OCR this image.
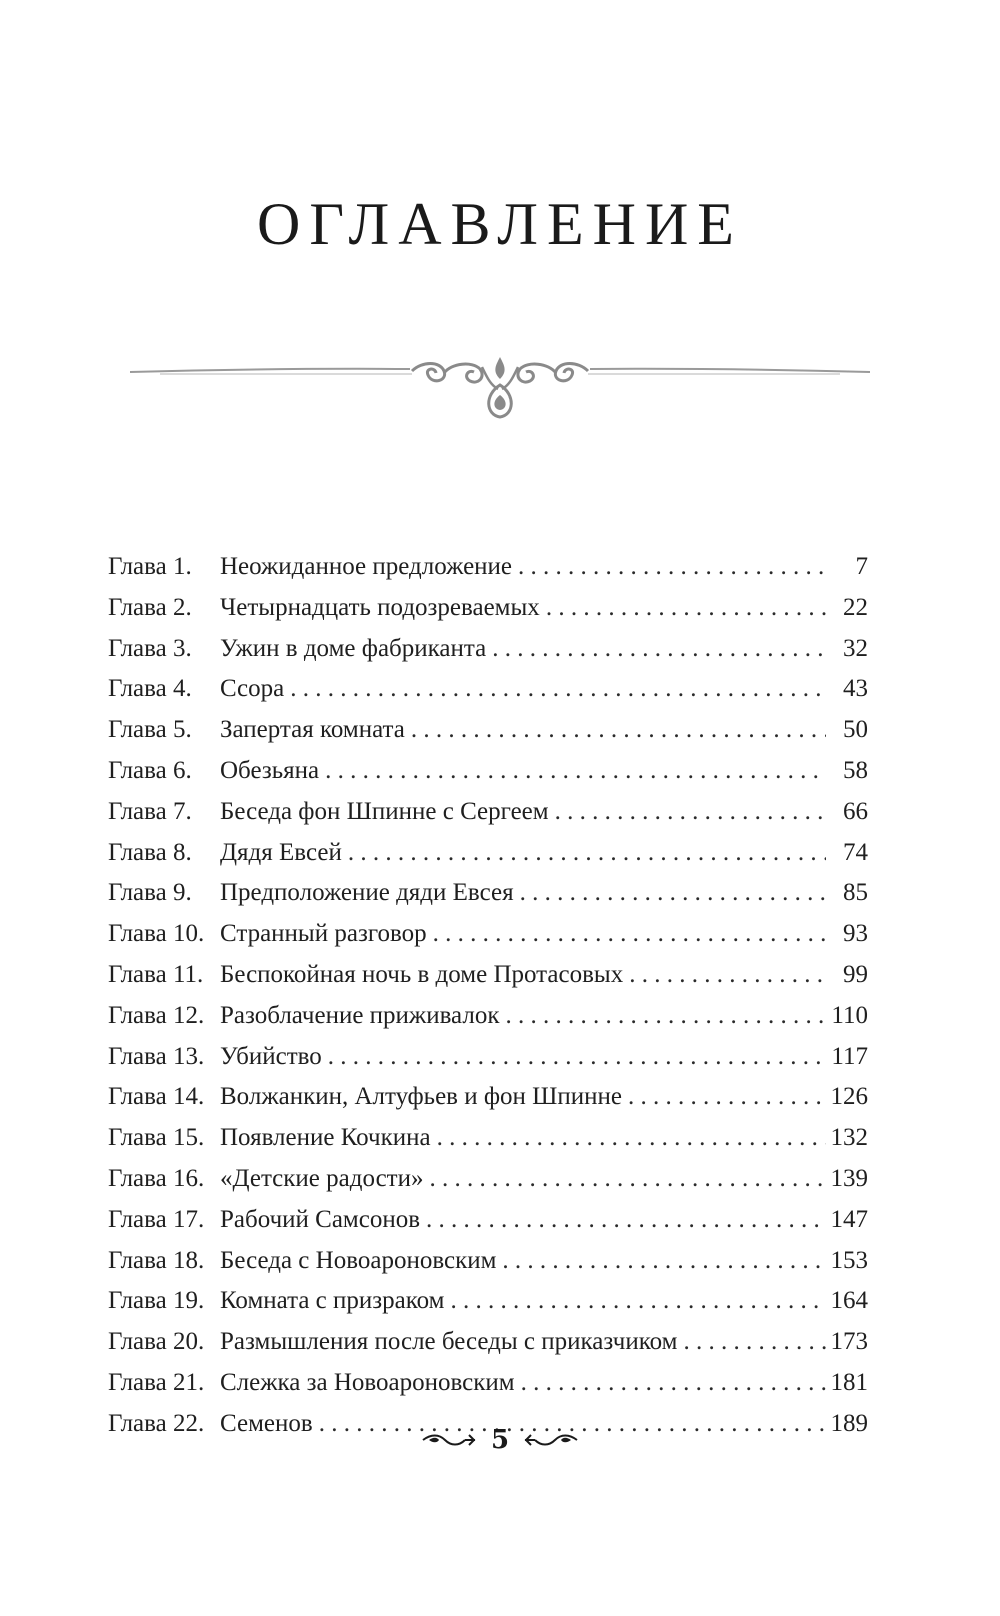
ОГЛАВЛЕНИЕ
Глава 1.	Неожиданное предложение . . .	7
Глава 2.	Четырнадцать подозреваемых . . .	22
Глава 3.	Ужин в доме фабриканта . . .	32
Глава 4.	Ссора . . .	43
Глава 5.	Запертая комната . . .	50
Глава 6.	Обезьяна . . .	58
Глава 7.	Беседа фон Шпинне с Сергеем . . .	66
Глава 8.	Дядя Евсей . . .	74
Глава 9.	Предположение дяди Евсея . . .	85
Глава 10. Странный разговор . . .	93
Глава 11. Беспокойная ночь в доме Протасовых . . .	99
Глава 12. Разоблачение приживалок . . .	110
Глава 13. Убийство . . .	117
Глава 14. Волжанкин, Алтуфьев и фон Шпинне . . .	126
Глава 15. Появление Кочкина . . .	132
Глава 16. «Детские радости» . . .	139
Глава 17. Рабочий Самсонов . . .	147
Глава 18. Беседа с Новоароновским . . .	153
Глава 19. Комната с призраком . . .	164
Глава 20. Размышления после беседы с приказчиком . . .	173
Глава 21. Слежка за Новоароновским . . .	181
Глава 22. Семенов . . .	189
5
